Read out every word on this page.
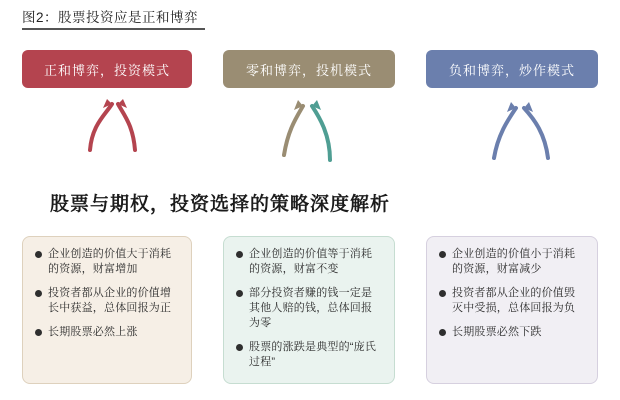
图2：股票投资应是正和博弈
正和博弈，投资模式	零和博弈，投机模式	负和博弈，炒作模式
股票与期权，投资选择的策略深度解析
企业创造的价值大于消耗的资源，财富增加
投资者都从企业的价值增长中获益，总体回报为正
长期股票必然上涨
企业创造的价值等于消耗的资源，财富不变
部分投资者赚的钱一定是其他人赔的钱，总体回报为零
股票的涨跌是典型的“庞氏过程”
企业创造的价值小于消耗的资源，财富减少
投资者都从企业的价值毁灭中受损，总体回报为负
长期股票必然下跌
